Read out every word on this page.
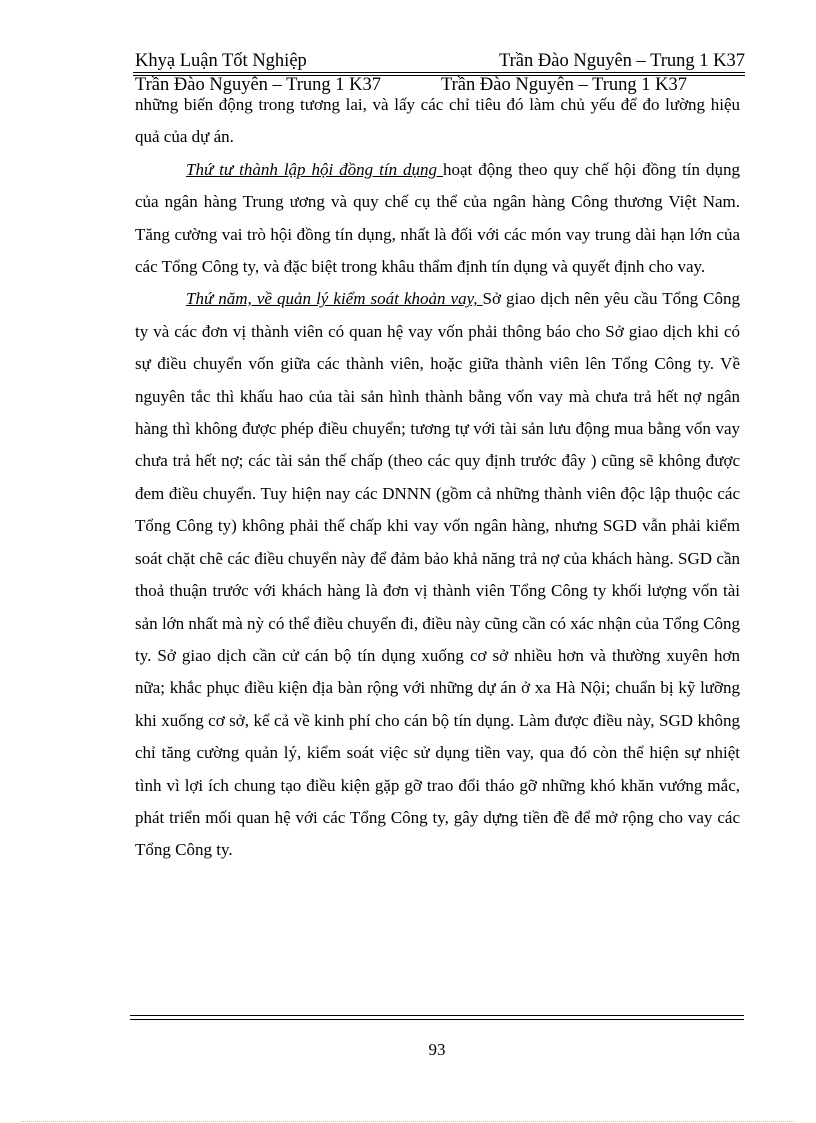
Khyạ Luận Tốt Nghiệp	Trần Đào Nguyên – Trung 1 K37
Trần Đào Nguyên – Trung 1 K37	Trần Đào Nguyên – Trung 1 K37

những biến động trong tương lai, và lấy các chỉ tiêu đó làm chủ yếu để đo lường hiệu quả của dự án.

Thứ tư thành lập hội đồng tín dụng hoạt động theo quy chế hội đồng tín dụng của ngân hàng Trung ương và quy chế cụ thể của ngân hàng Công thương Việt Nam. Tăng cường vai trò hội đồng tín dụng, nhất là đối với các món vay trung dài hạn lớn của các Tổng Công ty, và đặc biệt trong khâu thẩm định tín dụng và quyết định cho vay.

Thứ năm, về quản lý kiểm soát khoản vay, Sở giao dịch nên yêu cầu Tổng Công ty và các đơn vị thành viên có quan hệ vay vốn phải thông báo cho Sở giao dịch khi có sự điều chuyển vốn giữa các thành viên, hoặc giữa thành viên lên Tổng Công ty. Về nguyên tắc thì khấu hao của tài sản hình thành bằng vốn vay mà chưa trả hết nợ ngân hàng thì không được phép điều chuyển; tương tự với tài sản lưu động mua bằng vốn vay chưa trả hết nợ; các tài sản thế chấp (theo các quy định trước đây ) cũng sẽ không được đem điều chuyển. Tuy hiện nay các DNNN (gồm cả những thành viên độc lập thuộc các Tổng Công ty) không phải thế chấp khi vay vốn ngân hàng, nhưng SGD vẫn phải kiểm soát chặt chẽ các điều chuyển này để đảm bảo khả năng trả nợ của khách hàng. SGD cần thoả thuận trước với khách hàng là đơn vị thành viên Tổng Công ty khối lượng vốn tài sản lớn nhất mà nỳ có thể điều chuyển đi, điều này cũng cần có xác nhận của Tổng Công ty. Sở giao dịch cần cử cán bộ tín dụng xuống cơ sở nhiều hơn và thường xuyên hơn nữa; khắc phục điều kiện địa bàn rộng với những dự án ở xa Hà Nội; chuẩn bị kỹ lưỡng khi xuống cơ sở, kể cả về kinh phí cho cán bộ tín dụng. Làm được điều này, SGD không chỉ tăng cường quản lý, kiểm soát việc sử dụng tiền vay, qua đó còn thể hiện sự nhiệt tình vì lợi ích chung tạo điều kiện gặp gỡ trao đổi tháo gỡ những khó khăn vướng mắc, phát triển mối quan hệ với các Tổng Công ty, gây dựng tiền đề để mở rộng cho vay các Tổng Công ty.

93
